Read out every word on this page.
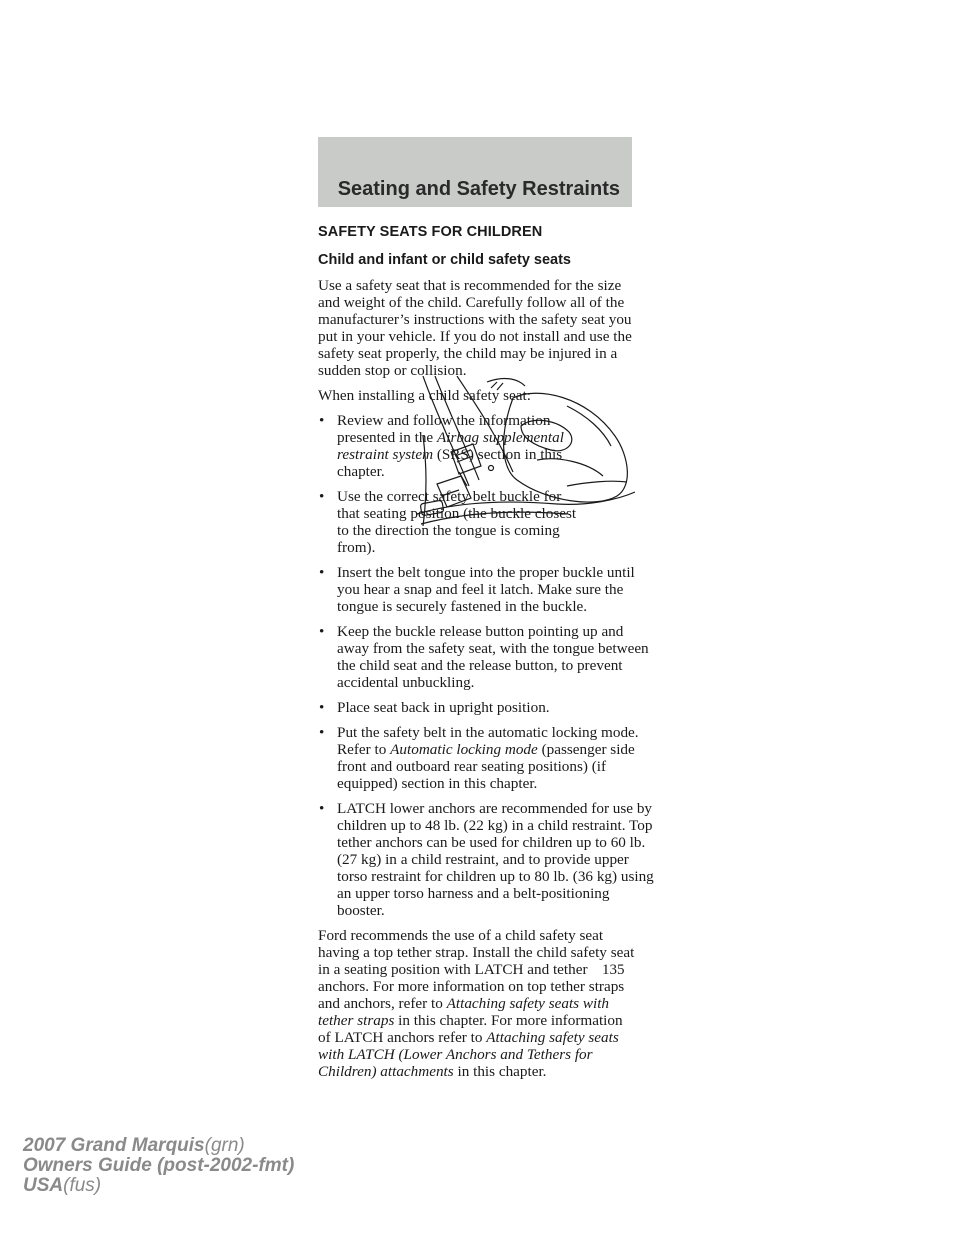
Seating and Safety Restraints
SAFETY SEATS FOR CHILDREN
Child and infant or child safety seats

Use a safety seat that is recommended for the size and weight of the child. Carefully follow all of the manufacturer’s instructions with the safety seat you put in your vehicle. If you do not install and use the safety seat properly, the child may be injured in a sudden stop or collision.

When installing a child safety seat:

• Review and follow the information presented in the Airbag supplemental restraint system (SRS) section in this chapter.
• Use the correct safety belt buckle for that seating position (the buckle closest to the direction the tongue is coming from).
• Insert the belt tongue into the proper buckle until you hear a snap and feel it latch. Make sure the tongue is securely fastened in the buckle.
• Keep the buckle release button pointing up and away from the safety seat, with the tongue between the child seat and the release button, to prevent accidental unbuckling.
• Place seat back in upright position.
• Put the safety belt in the automatic locking mode. Refer to Automatic locking mode (passenger side front and outboard rear seating positions) (if equipped) section in this chapter.
• LATCH lower anchors are recommended for use by children up to 48 lb. (22 kg) in a child restraint. Top tether anchors can be used for children up to 60 lb. (27 kg) in a child restraint, and to provide upper torso restraint for children up to 80 lb. (36 kg) using an upper torso harness and a belt-positioning booster.

Ford recommends the use of a child safety seat having a top tether strap. Install the child safety seat in a seating position with LATCH and tether anchors. For more information on top tether straps and anchors, refer to Attaching safety seats with tether straps in this chapter. For more information of LATCH anchors refer to Attaching safety seats with LATCH (Lower Anchors and Tethers for Children) attachments in this chapter.

135
2007 Grand Marquis(grn)
Owners Guide (post-2002-fmt)
USA(fus)
